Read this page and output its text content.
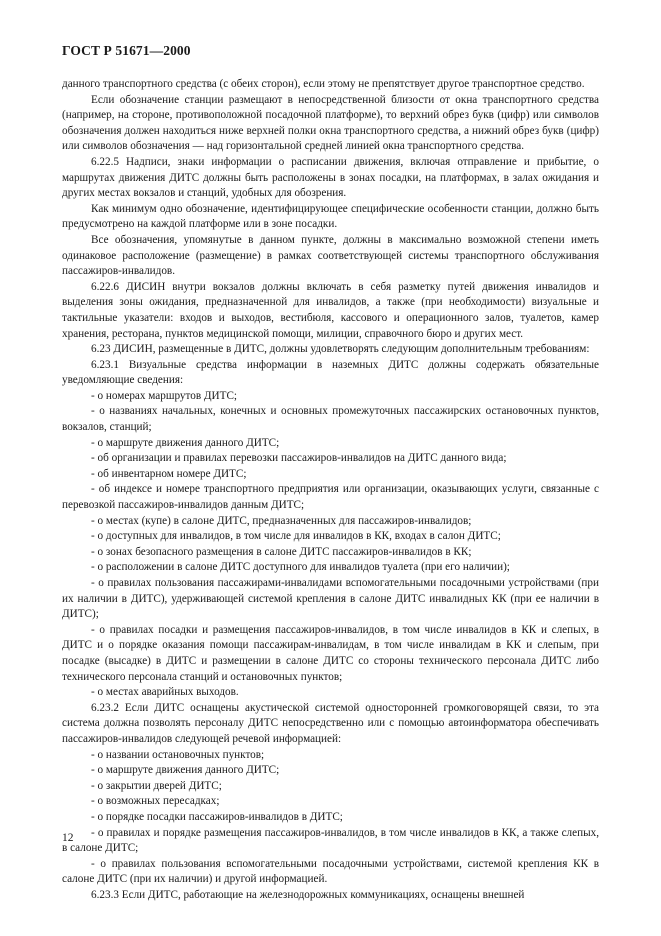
ГОСТ Р 51671—2000

данного транспортного средства (с обеих сторон), если этому не препятствует другое транспортное средство.

Если обозначение станции размещают в непосредственной близости от окна транспортного средства (например, на стороне, противоположной посадочной платформе), то верхний обрез букв (цифр) или символов обозначения должен находиться ниже верхней полки окна транспортного средства, а нижний обрез букв (цифр) или символов обозначения — над горизонтальной средней линией окна транспортного средства.

6.22.5 Надписи, знаки информации о расписании движения, включая отправление и прибытие, о маршрутах движения ДИТС должны быть расположены в зонах посадки, на платформах, в залах ожидания и других местах вокзалов и станций, удобных для обозрения.

Как минимум одно обозначение, идентифицирующее специфические особенности станции, должно быть предусмотрено на каждой платформе или в зоне посадки.

Все обозначения, упомянутые в данном пункте, должны в максимально возможной степени иметь одинаковое расположение (размещение) в рамках соответствующей системы транспортного обслуживания пассажиров-инвалидов.

6.22.6 ДИСИН внутри вокзалов должны включать в себя разметку путей движения инвалидов и выделения зоны ожидания, предназначенной для инвалидов, а также (при необходимости) визуальные и тактильные указатели: входов и выходов, вестибюля, кассового и операционного залов, туалетов, камер хранения, ресторана, пунктов медицинской помощи, милиции, справочного бюро и других мест.

6.23 ДИСИН, размещенные в ДИТС, должны удовлетворять следующим дополнительным требованиям:

6.23.1 Визуальные средства информации в наземных ДИТС должны содержать обязательные уведомляющие сведения:

- о номерах маршрутов ДИТС;

- о названиях начальных, конечных и основных промежуточных пассажирских остановочных пунктов, вокзалов, станций;

- о маршруте движения данного ДИТС;

- об организации и правилах перевозки пассажиров-инвалидов на ДИТС данного вида;

- об инвентарном номере ДИТС;

- об индексе и номере транспортного предприятия или организации, оказывающих услуги, связанные с перевозкой пассажиров-инвалидов данным ДИТС;

- о местах (купе) в салоне ДИТС, предназначенных для пассажиров-инвалидов;

- о доступных для инвалидов, в том числе для инвалидов в КК, входах в салон ДИТС;

- о зонах безопасного размещения в салоне ДИТС пассажиров-инвалидов в КК;

- о расположении в салоне ДИТС доступного для инвалидов туалета (при его наличии);

- о правилах пользования пассажирами-инвалидами вспомогательными посадочными устройствами (при их наличии в ДИТС), удерживающей системой крепления в салоне ДИТС инвалидных КК (при ее наличии в ДИТС);

- о правилах посадки и размещения пассажиров-инвалидов, в том числе инвалидов в КК и слепых, в ДИТС и о порядке оказания помощи пассажирам-инвалидам, в том числе инвалидам в КК и слепым, при посадке (высадке) в ДИТС и размещении в салоне ДИТС со стороны технического персонала ДИТС либо технического персонала станций и остановочных пунктов;

- о местах аварийных выходов.

6.23.2 Если ДИТС оснащены акустической системой односторонней громкоговорящей связи, то эта система должна позволять персоналу ДИТС непосредственно или с помощью автоинформатора обеспечивать пассажиров-инвалидов следующей речевой информацией:

- о названии остановочных пунктов;

- о маршруте движения данного ДИТС;

- о закрытии дверей ДИТС;

- о возможных пересадках;

- о порядке посадки пассажиров-инвалидов в ДИТС;

- о правилах и порядке размещения пассажиров-инвалидов, в том числе инвалидов в КК, а также слепых, в салоне ДИТС;

- о правилах пользования вспомогательными посадочными устройствами, системой крепления КК в салоне ДИТС (при их наличии) и другой информацией.

6.23.3 Если ДИТС, работающие на железнодорожных коммуникациях, оснащены внешней

12
